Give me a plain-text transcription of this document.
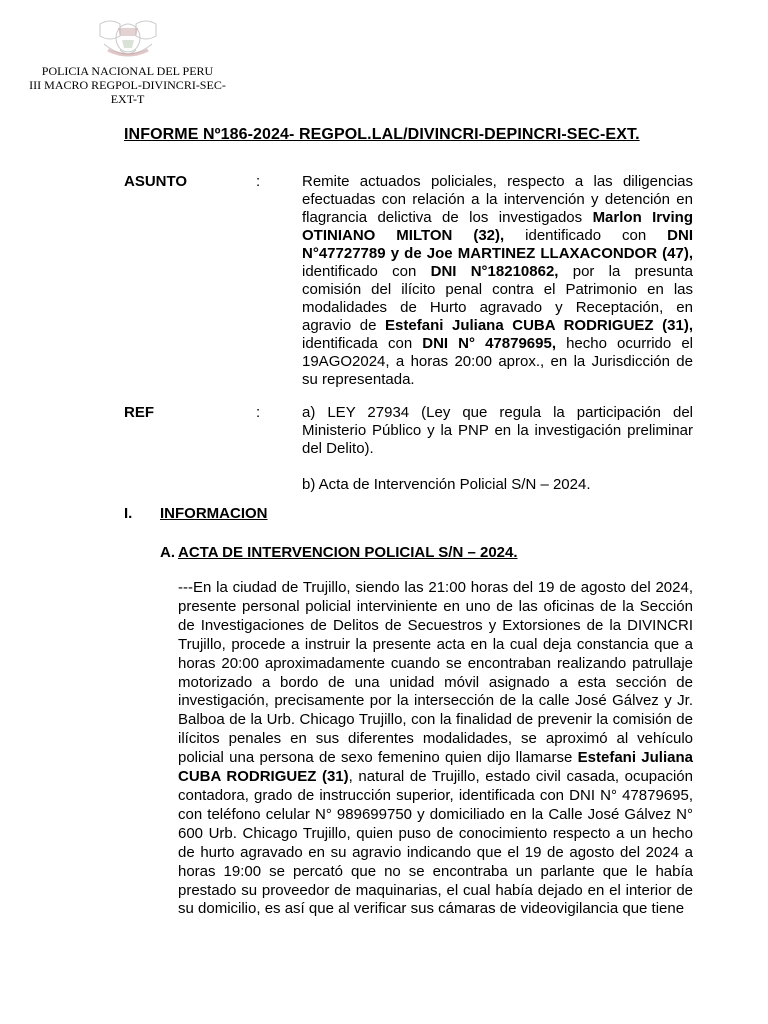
POLICIA NACIONAL DEL PERU
III MACRO REGPOL-DIVINCRI-SEC-
EXT-T
INFORME Nº186-2024- REGPOL.LAL/DIVINCRI-DEPINCRI-SEC-EXT.
ASUNTO	:	Remite actuados policiales, respecto a las diligencias efectuadas con relación a la intervención y detención en flagrancia delictiva de los investigados Marlon Irving OTINIANO MILTON (32), identificado con DNI N°47727789 y de Joe MARTINEZ LLAXACONDOR (47), identificado con DNI N°18210862, por la presunta comisión del ilícito penal contra el Patrimonio en las modalidades de Hurto agravado y Receptación, en agravio de Estefani Juliana CUBA RODRIGUEZ (31), identificada con DNI N° 47879695, hecho ocurrido el 19AGO2024, a horas 20:00 aprox., en la Jurisdicción de su representada.
REF	:	a) LEY 27934 (Ley que regula la participación del Ministerio Público y la PNP en la investigación preliminar del Delito).
b) Acta de Intervención Policial S/N – 2024.
I. INFORMACION
A. ACTA DE INTERVENCION POLICIAL S/N – 2024.
---En la ciudad de Trujillo, siendo las 21:00 horas del 19 de agosto del 2024, presente personal policial interviniente en uno de las oficinas de la Sección de Investigaciones de Delitos de Secuestros y Extorsiones de la DIVINCRI Trujillo, procede a instruir la presente acta en la cual deja constancia que a horas 20:00 aproximadamente cuando se encontraban realizando patrullaje motorizado a bordo de una unidad móvil asignado a esta sección de investigación, precisamente por la intersección de la calle José Gálvez y Jr. Balboa de la Urb. Chicago Trujillo, con la finalidad de prevenir la comisión de ilícitos penales en sus diferentes modalidades, se aproximó al vehículo policial una persona de sexo femenino quien dijo llamarse Estefani Juliana CUBA RODRIGUEZ (31), natural de Trujillo, estado civil casada, ocupación contadora, grado de instrucción superior, identificada con DNI N° 47879695, con teléfono celular N° 989699750 y domiciliado en la Calle José Gálvez N° 600 Urb. Chicago Trujillo, quien puso de conocimiento respecto a un hecho de hurto agravado en su agravio indicando que el 19 de agosto del 2024 a horas 19:00 se percató que no se encontraba un parlante que le había prestado su proveedor de maquinarias, el cual había dejado en el interior de su domicilio, es así que al verificar sus cámaras de videovigilancia que tiene
